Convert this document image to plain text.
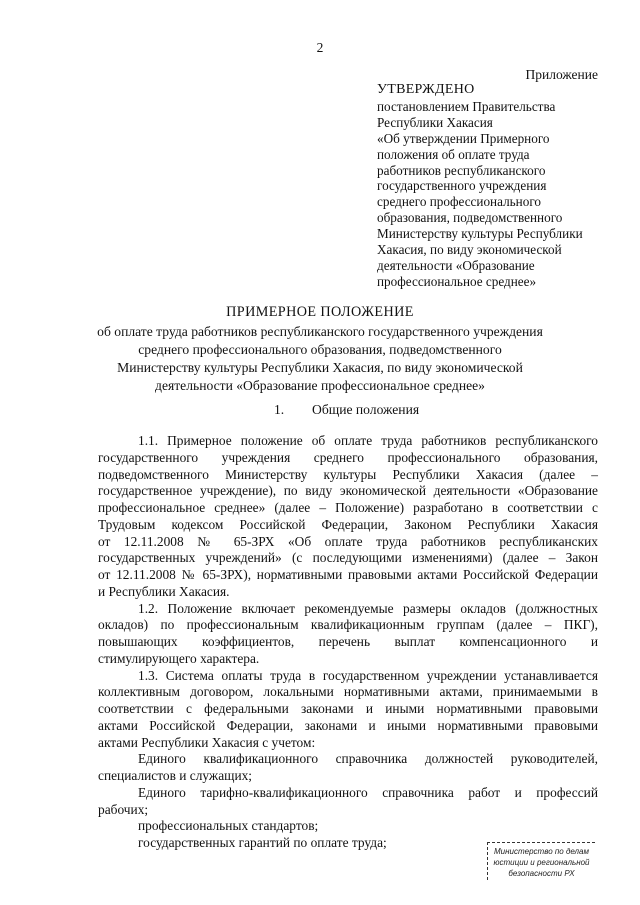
2
Приложение
УТВЕРЖДЕНО
постановлением Правительства
Республики Хакасия
«Об утверждении Примерного
положения об оплате труда
работников республиканского
государственного учреждения
среднего профессионального
образования, подведомственного
Министерству культуры Республики
Хакасия, по виду экономической
деятельности «Образование
профессиональное среднее»
ПРИМЕРНОЕ ПОЛОЖЕНИЕ
об оплате труда работников республиканского государственного учреждения
среднего профессионального образования, подведомственного
Министерству культуры Республики Хакасия, по виду экономической
деятельности «Образование профессиональное среднее»
1. Общие положения
1.1. Примерное положение об оплате труда работников республиканского
государственного учреждения среднего профессионального образования,
подведомственного Министерству культуры Республики Хакасия (далее –
государственное учреждение), по виду экономической деятельности «Образование
профессиональное среднее» (далее – Положение) разработано в соответствии с
Трудовым кодексом Российской Федерации, Законом Республики Хакасия
от 12.11.2008 № 65-ЗРХ «Об оплате труда работников республиканских
государственных учреждений» (с последующими изменениями) (далее – Закон
от 12.11.2008 № 65-ЗРХ), нормативными правовыми актами Российской Федерации
и Республики Хакасия.
1.2. Положение включает рекомендуемые размеры окладов (должностных
окладов) по профессиональным квалификационным группам (далее – ПКГ),
повышающих коэффициентов, перечень выплат компенсационного и
стимулирующего характера.
1.3. Система оплаты труда в государственном учреждении устанавливается
коллективным договором, локальными нормативными актами, принимаемыми в
соответствии с федеральными законами и иными нормативными правовыми
актами Российской Федерации, законами и иными нормативными правовыми
актами Республики Хакасия с учетом:
Единого квалификационного справочника должностей руководителей,
специалистов и служащих;
Единого тарифно-квалификационного справочника работ и профессий
рабочих;
профессиональных стандартов;
государственных гарантий по оплате труда;
Министерство по делам
юстиции и региональной
безопасности РХ
